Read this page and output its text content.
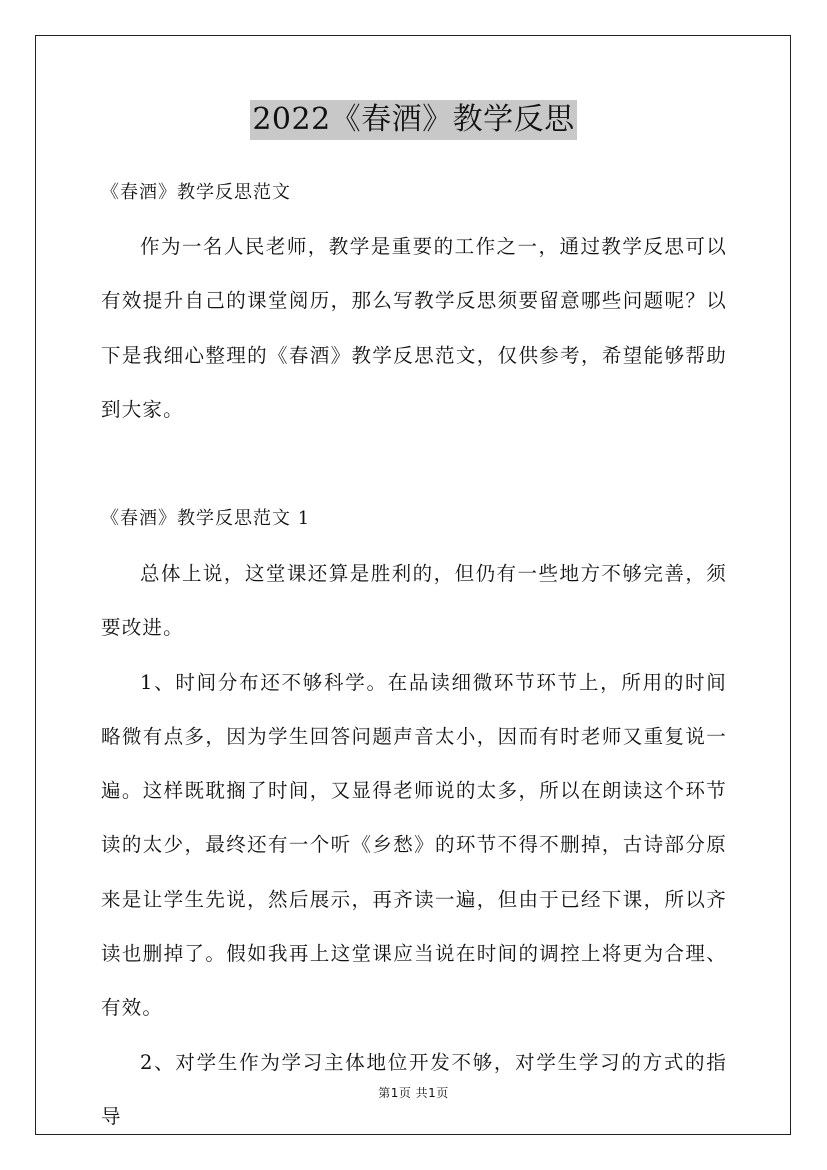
2022《春酒》教学反思
《春酒》教学反思范文

作为一名人民老师，教学是重要的工作之一，通过教学反思可以有效提升自己的课堂阅历，那么写教学反思须要留意哪些问题呢？以下是我细心整理的《春酒》教学反思范文，仅供参考，希望能够帮助到大家。

《春酒》教学反思范文 1

总体上说，这堂课还算是胜利的，但仍有一些地方不够完善，须要改进。

1、时间分布还不够科学。在品读细微环节环节上，所用的时间略微有点多，因为学生回答问题声音太小，因而有时老师又重复说一遍。这样既耽搁了时间，又显得老师说的太多，所以在朗读这个环节读的太少，最终还有一个听《乡愁》的环节不得不删掉，古诗部分原来是让学生先说，然后展示，再齐读一遍，但由于已经下课，所以齐读也删掉了。假如我再上这堂课应当说在时间的调控上将更为合理、有效。

2、对学生作为学习主体地位开发不够，对学生学习的方式的指导

第1页 共1页
